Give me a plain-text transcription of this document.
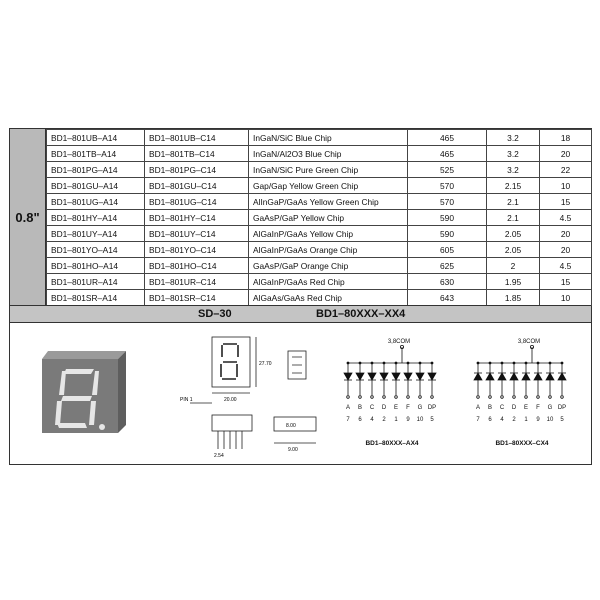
0.8"
BD1–801UB–A14	BD1–801UB–C14	InGaN/SiC Blue Chip	465	3.2	18
BD1–801TB–A14	BD1–801TB–C14	InGaN/Al2O3 Blue Chip	465	3.2	20
BD1–801PG–A14	BD1–801PG–C14	InGaN/SiC Pure Green Chip	525	3.2	22
BD1–801GU–A14	BD1–801GU–C14	Gap/Gap Yellow Green Chip	570	2.15	10
BD1–801UG–A14	BD1–801UG–C14	AlInGaP/GaAs Yellow Green Chip	570	2.1	15
BD1–801HY–A14	BD1–801HY–C14	GaAsP/GaP Yellow Chip	590	2.1	4.5
BD1–801UY–A14	BD1–801UY–C14	AlGaInP/GaAs Yellow Chip	590	2.05	20
BD1–801YO–A14	BD1–801YO–C14	AlGaInP/GaAs Orange Chip	605	2.05	20
BD1–801HO–A14	BD1–801HO–C14	GaAsP/GaP Orange Chip	625	2	4.5
BD1–801UR–A14	BD1–801UR–C14	AlGaInP/GaAs Red Chip	630	1.95	15
BD1–801SR–A14	BD1–801SR–C14	AlGaAs/GaAs Red Chip	643	1.85	10
SD–30	BD1–80XXX–XX4
20.00
27.70
PIN 1
2.54
8.00
9.00
A
7
B
6
C
4
D
2
E
1
F
9
G
10
DP
5
3,8COM
BD1–80XXX–AX4
A
7
B
6
C
4
D
2
E
1
F
9
G
10
DP
5
3,8COM
BD1–80XXX–CX4
